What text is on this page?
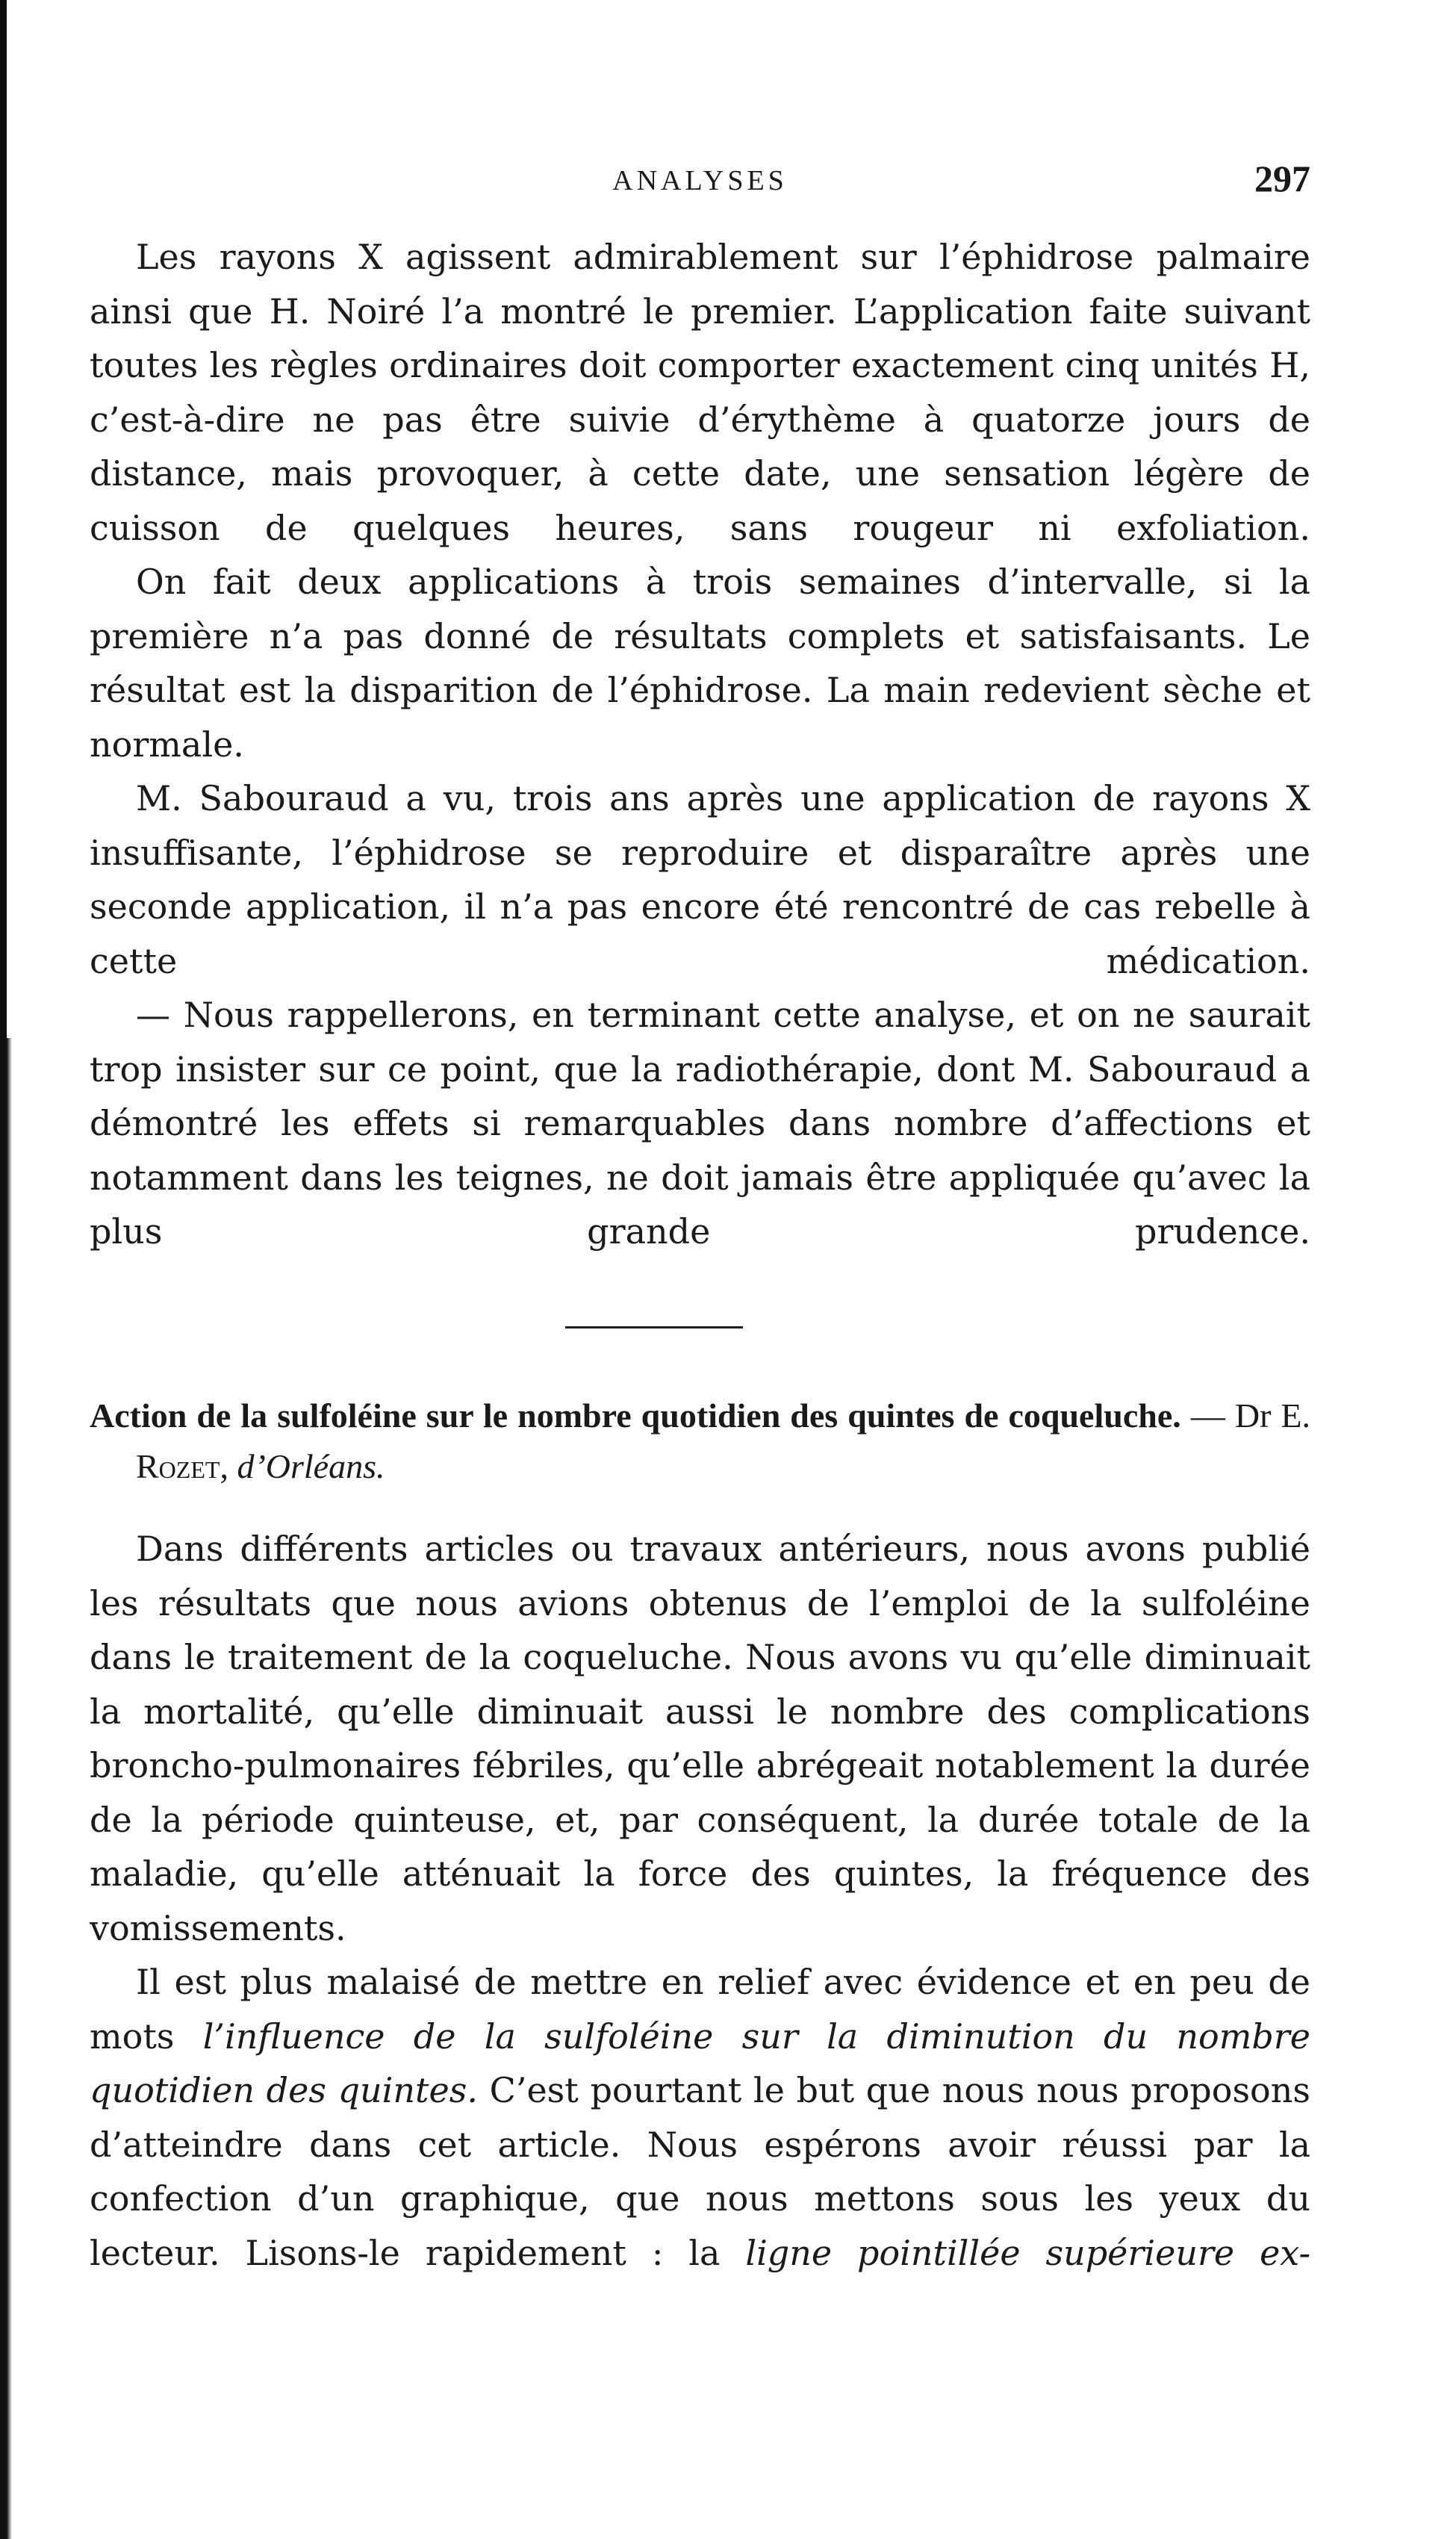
ANALYSES	297

Les rayons X agissent admirablement sur l’éphidrose palmaire ainsi que H. Noiré l’a montré le premier. L’application faite suivant toutes les règles ordinaires doit comporter exactement cinq unités H, c’est-à-dire ne pas être suivie d’érythème à quatorze jours de distance, mais provoquer, à cette date, une sensation légère de cuisson de quelques heures, sans rougeur ni exfoliation.

On fait deux applications à trois semaines d’intervalle, si la première n’a pas donné de résultats complets et satisfaisants. Le résultat est la disparition de l’éphidrose. La main redevient sèche et normale.

M. Sabouraud a vu, trois ans après une application de rayons X insuffisante, l’éphidrose se reproduire et disparaître après une seconde application, il n’a pas encore été rencontré de cas rebelle à cette médication.

— Nous rappellerons, en terminant cette analyse, et on ne saurait trop insister sur ce point, que la radiothérapie, dont M. Sabouraud a démontré les effets si remarquables dans nombre d’affections et notamment dans les teignes, ne doit jamais être appliquée qu’avec la plus grande prudence.

Action de la sulfoléine sur le nombre quotidien des quintes de coqueluche. — Dr E. Rozet, d’Orléans.

Dans différents articles ou travaux antérieurs, nous avons publié les résultats que nous avions obtenus de l’emploi de la sulfoléine dans le traitement de la coqueluche. Nous avons vu qu’elle diminuait la mortalité, qu’elle diminuait aussi le nombre des complications broncho-pulmonaires fébriles, qu’elle abrégeait notablement la durée de la période quinteuse, et, par conséquent, la durée totale de la maladie, qu’elle atténuait la force des quintes, la fréquence des vomissements.

Il est plus malaisé de mettre en relief avec évidence et en peu de mots l’influence de la sulfoléine sur la diminution du nombre quotidien des quintes. C’est pourtant le but que nous nous proposons d’atteindre dans cet article. Nous espérons avoir réussi par la confection d’un graphique, que nous mettons sous les yeux du lecteur. Lisons-le rapidement : la ligne pointillée supérieure ex-
